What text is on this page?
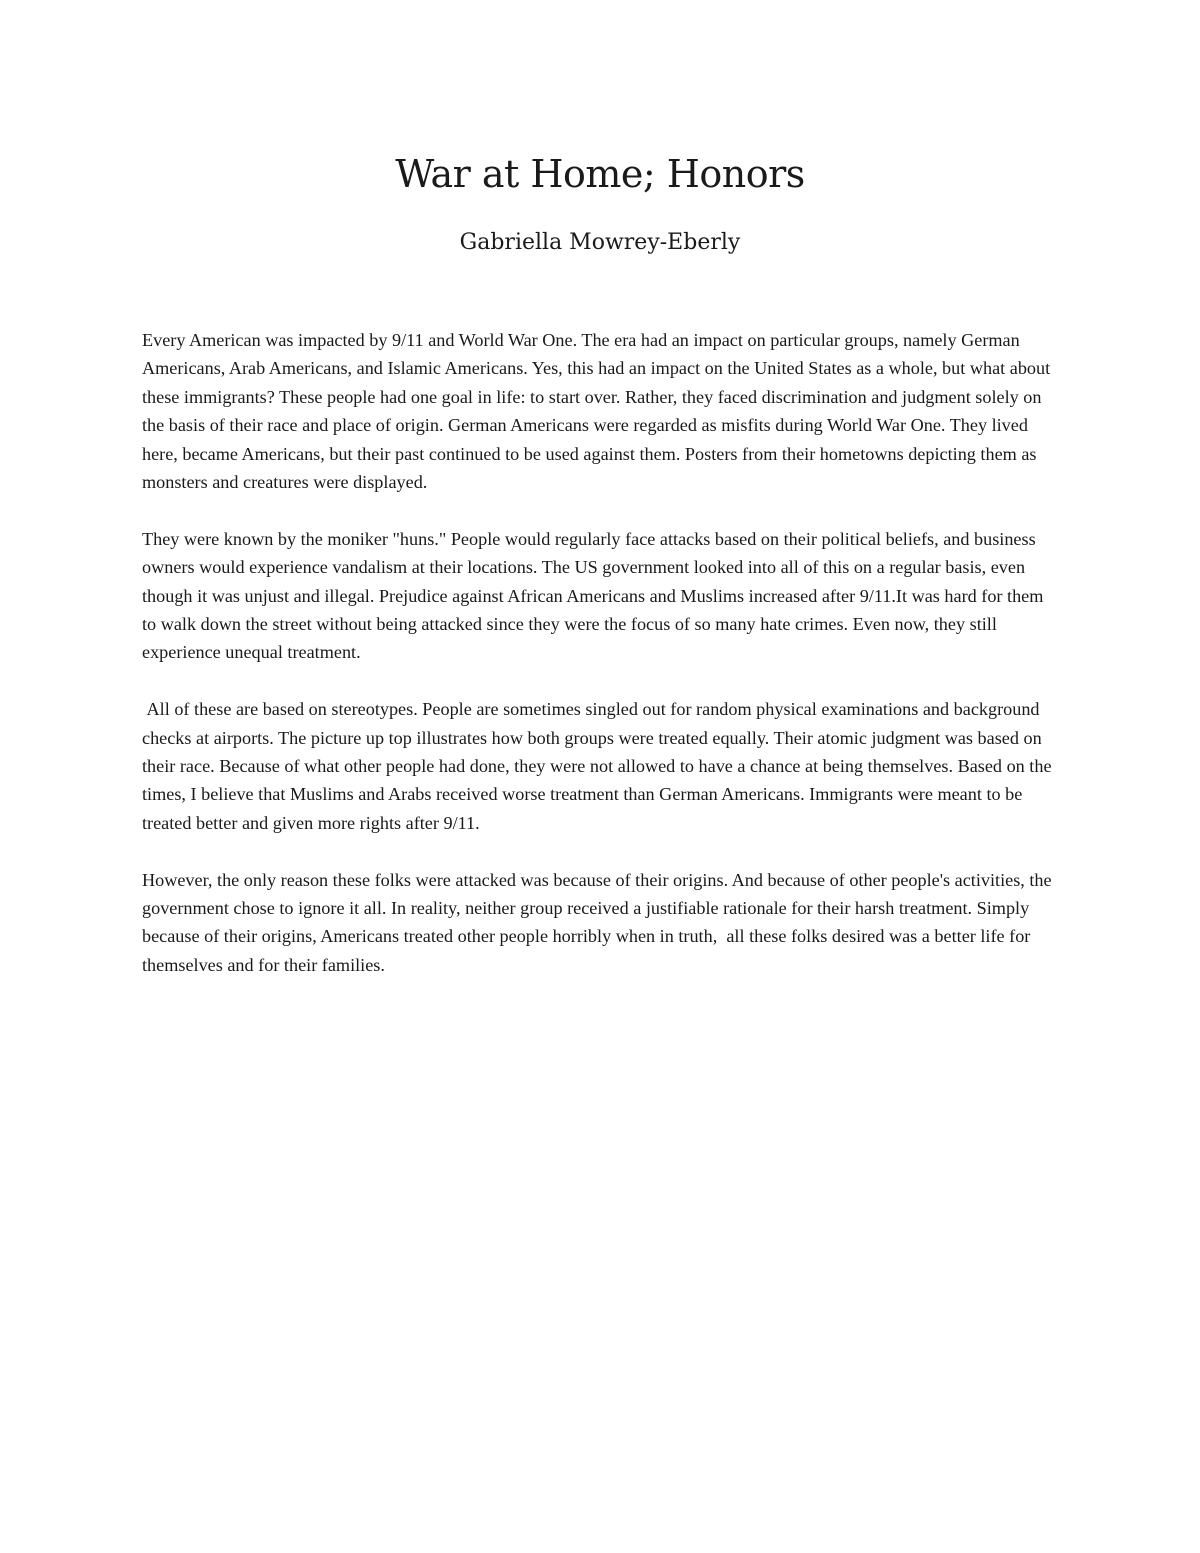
War at Home; Honors
Gabriella Mowrey-Eberly

Every American was impacted by 9/11 and World War One. The era had an impact on particular groups, namely German Americans, Arab Americans, and Islamic Americans. Yes, this had an impact on the United States as a whole, but what about these immigrants? These people had one goal in life: to start over. Rather, they faced discrimination and judgment solely on the basis of their race and place of origin. German Americans were regarded as misfits during World War One. They lived here, became Americans, but their past continued to be used against them. Posters from their hometowns depicting them as monsters and creatures were displayed.

They were known by the moniker "huns." People would regularly face attacks based on their political beliefs, and business owners would experience vandalism at their locations. The US government looked into all of this on a regular basis, even though it was unjust and illegal. Prejudice against African Americans and Muslims increased after 9/11.It was hard for them to walk down the street without being attacked since they were the focus of so many hate crimes. Even now, they still experience unequal treatment.

All of these are based on stereotypes. People are sometimes singled out for random physical examinations and background checks at airports. The picture up top illustrates how both groups were treated equally. Their atomic judgment was based on their race. Because of what other people had done, they were not allowed to have a chance at being themselves. Based on the times, I believe that Muslims and Arabs received worse treatment than German Americans. Immigrants were meant to be treated better and given more rights after 9/11.

However, the only reason these folks were attacked was because of their origins. And because of other people's activities, the government chose to ignore it all. In reality, neither group received a justifiable rationale for their harsh treatment. Simply because of their origins, Americans treated other people horribly when in truth,  all these folks desired was a better life for themselves and for their families.
